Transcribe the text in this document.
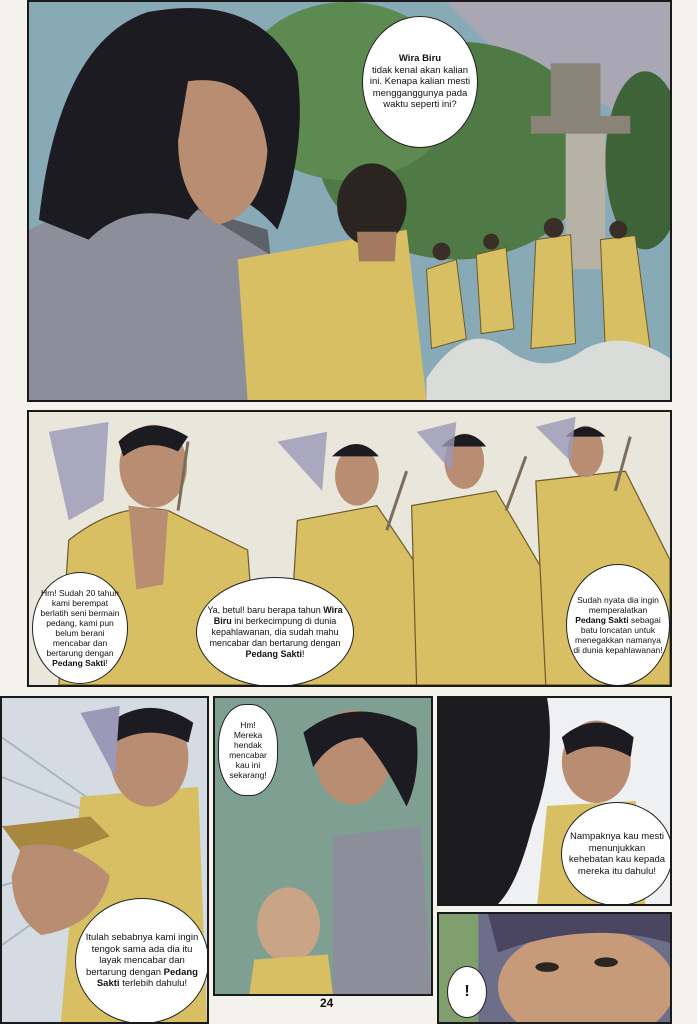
Wira Biru
tidak kenal akan kalian ini. Kenapa kalian mesti mengganggunya pada waktu seperti ini?
Hm! Sudah 20 tahun kami berempat berlatih seni bermain pedang, kami pun belum berani mencabar dan bertarung dengan Pedang Sakti!
Ya, betul! baru berapa tahun Wira Biru ini berkecimpung di dunia kepahlawanan, dia sudah mahu mencabar dan bertarung dengan Pedang Sakti!
Sudah nyata dia ingin memperalatkan Pedang Sakti sebagai batu loncatan untuk menegakkan namanya di dunia kepahlawanan!
Itulah sebabnya kami ingin tengok sama ada dia itu layak mencabar dan bertarung dengan Pedang Sakti terlebih dahulu!
Hm! Mereka hendak mencabar kau ini sekarang!
Nampaknya kau mesti menunjukkan kehebatan kau kepada mereka itu dahulu!
!
24
